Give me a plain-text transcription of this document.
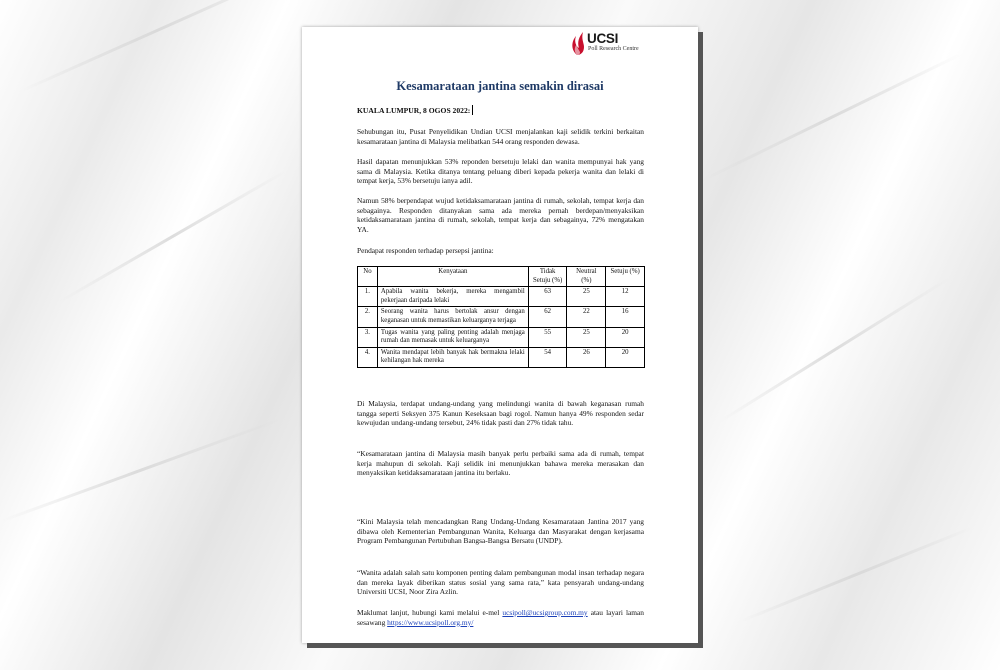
UCSI
Poll Research Centre
Kesamarataan jantina semakin dirasai
KUALA LUMPUR, 8 OGOS 2022:
Sehubungan itu, Pusat Penyelidikan Undian UCSI menjalankan kaji selidik terkini berkaitan kesamarataan jantina di Malaysia melibatkan 544 orang responden dewasa.
Hasil dapatan menunjukkan 53% reponden bersetuju lelaki dan wanita mempunyai hak yang sama di Malaysia. Ketika ditanya tentang peluang diberi kepada pekerja wanita dan lelaki di tempat kerja, 53% bersetuju ianya adil.
Namun 58% berpendapat wujud ketidaksamarataan jantina di rumah, sekolah, tempat kerja dan sebagainya. Responden ditanyakan sama ada mereka pernah berdepan/menyaksikan ketidaksamarataan jantina di rumah, sekolah, tempat kerja dan sebagainya, 72% mengatakan YA.
Pendapat responden terhadap persepsi jantina:
No	Kenyataan	Tidak Setuju (%)	Neutral (%)	Setuju (%)
1.	Apabila wanita bekerja, mereka mengambil pekerjaan daripada lelaki	63	25	12
2.	Seorang wanita harus bertolak ansur dengan keganasan untuk memastikan keluarganya terjaga	62	22	16
3.	Tugas wanita yang paling penting adalah menjaga rumah dan memasak untuk keluarganya	55	25	20
4.	Wanita mendapat lebih banyak hak bermakna lelaki kehilangan hak mereka	54	26	20
Di Malaysia, terdapat undang-undang yang melindungi wanita di bawah keganasan rumah tangga seperti Seksyen 375 Kanun Keseksaan bagi rogol. Namun hanya 49% responden sedar kewujudan undang-undang tersebut, 24% tidak pasti dan 27% tidak tahu.
“Kesamarataan jantina di Malaysia masih banyak perlu perbaiki sama ada di rumah, tempat kerja mahupun di sekolah. Kaji selidik ini menunjukkan bahawa mereka merasakan dan menyaksikan ketidaksamarataan jantina itu berlaku.
“Kini Malaysia telah mencadangkan Rang Undang-Undang Kesamarataan Jantina 2017 yang dibawa oleh Kementerian Pembangunan Wanita, Keluarga dan Masyarakat dengan kerjasama Program Pembangunan Pertubuhan Bangsa-Bangsa Bersatu (UNDP).
“Wanita adalah salah satu komponen penting dalam pembangunan modal insan terhadap negara dan mereka layak diberikan status sosial yang sama rata,” kata pensyarah undang-undang Universiti UCSI, Noor Zira Azlin.
Maklumat lanjut, hubungi kami melalui e-mel ucsipoll@ucsigroup.com.my atau layari laman sesawang https://www.ucsipoll.org.my/
